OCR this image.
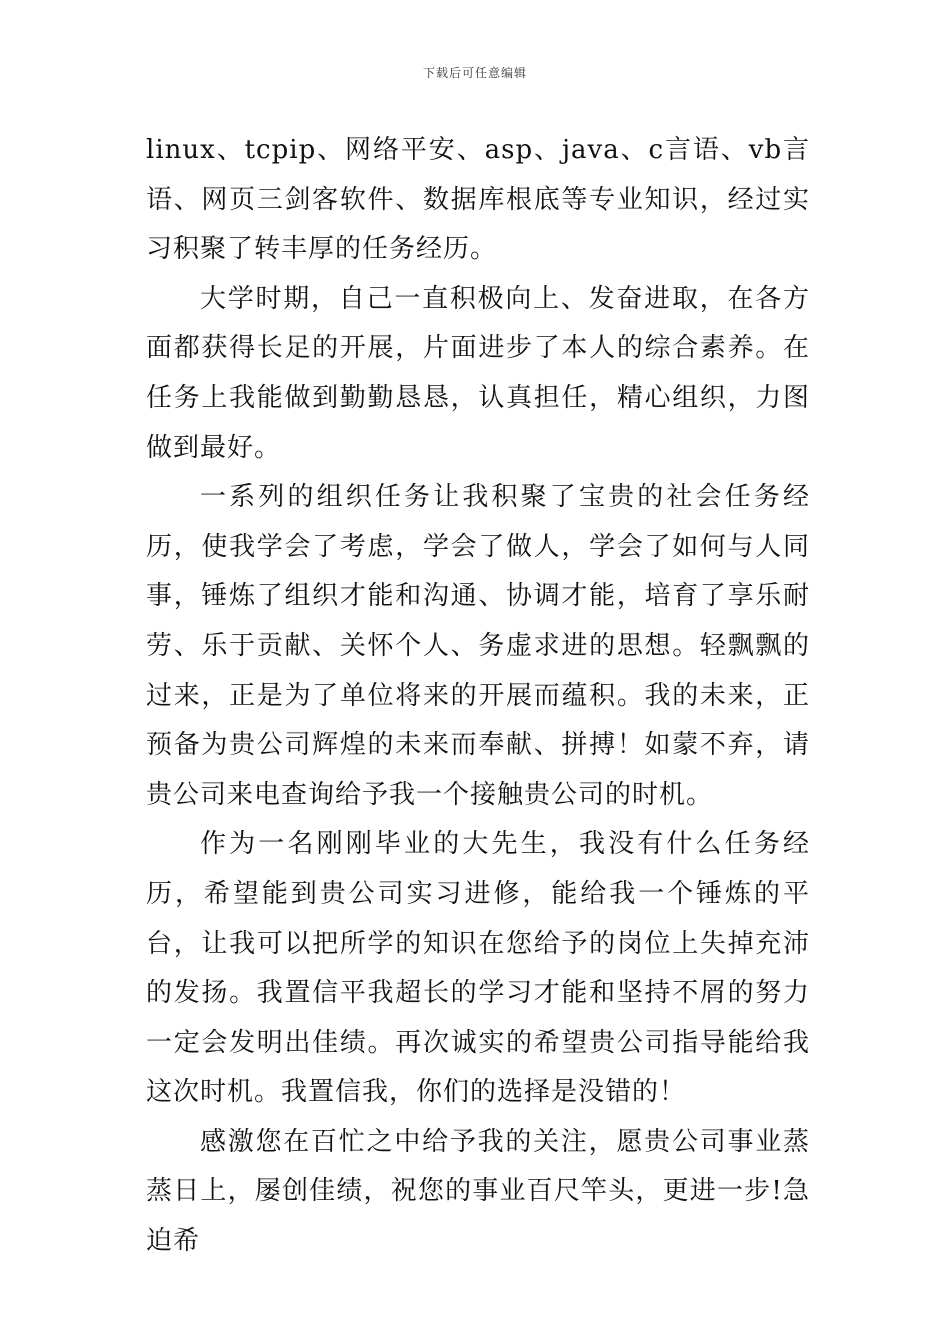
下载后可任意编辑

linux、tcpip、网络平安、asp、java、c言语、vb言语、网页三剑客软件、数据库根底等专业知识，经过实习积聚了转丰厚的任务经历。

大学时期，自己一直积极向上、发奋进取，在各方面都获得长足的开展，片面进步了本人的综合素养。在任务上我能做到勤勤恳恳，认真担任，精心组织，力图做到最好。

一系列的组织任务让我积聚了宝贵的社会任务经历，使我学会了考虑，学会了做人，学会了如何与人同事，锤炼了组织才能和沟通、协调才能，培育了享乐耐劳、乐于贡献、关怀个人、务虚求进的思想。轻飘飘的过来，正是为了单位将来的开展而蕴积。我的未来，正预备为贵公司辉煌的未来而奉献、拼搏！如蒙不弃，请贵公司来电查询给予我一个接触贵公司的时机。

作为一名刚刚毕业的大先生，我没有什么任务经历，希望能到贵公司实习进修，能给我一个锤炼的平台，让我可以把所学的知识在您给予的岗位上失掉充沛的发扬。我置信平我超长的学习才能和坚持不屑的努力一定会发明出佳绩。再次诚实的希望贵公司指导能给我这次时机。我置信我，你们的选择是没错的！

感激您在百忙之中给予我的关注，愿贵公司事业蒸蒸日上，屡创佳绩，祝您的事业百尺竿头，更进一步!急迫希
